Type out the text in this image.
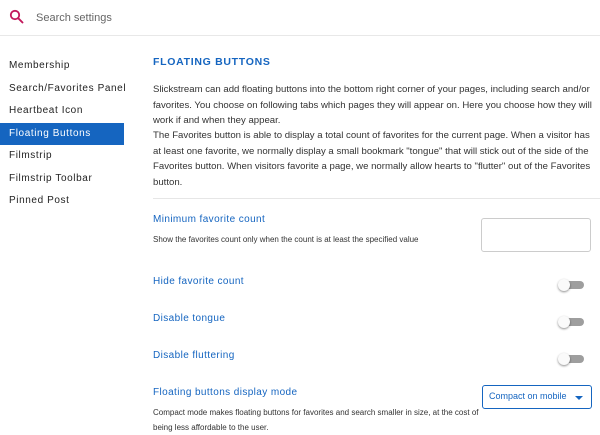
Search settings
Membership
Search/Favorites Panel
Heartbeat Icon
Floating Buttons
Filmstrip
Filmstrip Toolbar
Pinned Post
FLOATING BUTTONS

Slickstream can add floating buttons into the bottom right corner of your pages, including search and/or favorites. You choose on following tabs which pages they will appear on. Here you choose how they will work if and when they appear.

The Favorites button is able to display a total count of favorites for the current page. When a visitor has at least one favorite, we normally display a small bookmark "tongue" that will stick out of the side of the Favorites button. When visitors favorite a page, we normally allow hearts to "flutter" out of the Favorites button.

Minimum favorite count
Show the favorites count only when the count is at least the specified value
Hide favorite count
Disable tongue
Disable fluttering
Floating buttons display mode
Compact mode makes floating buttons for favorites and search smaller in size, at the cost of being less affordable to the user.
Compact on mobile
